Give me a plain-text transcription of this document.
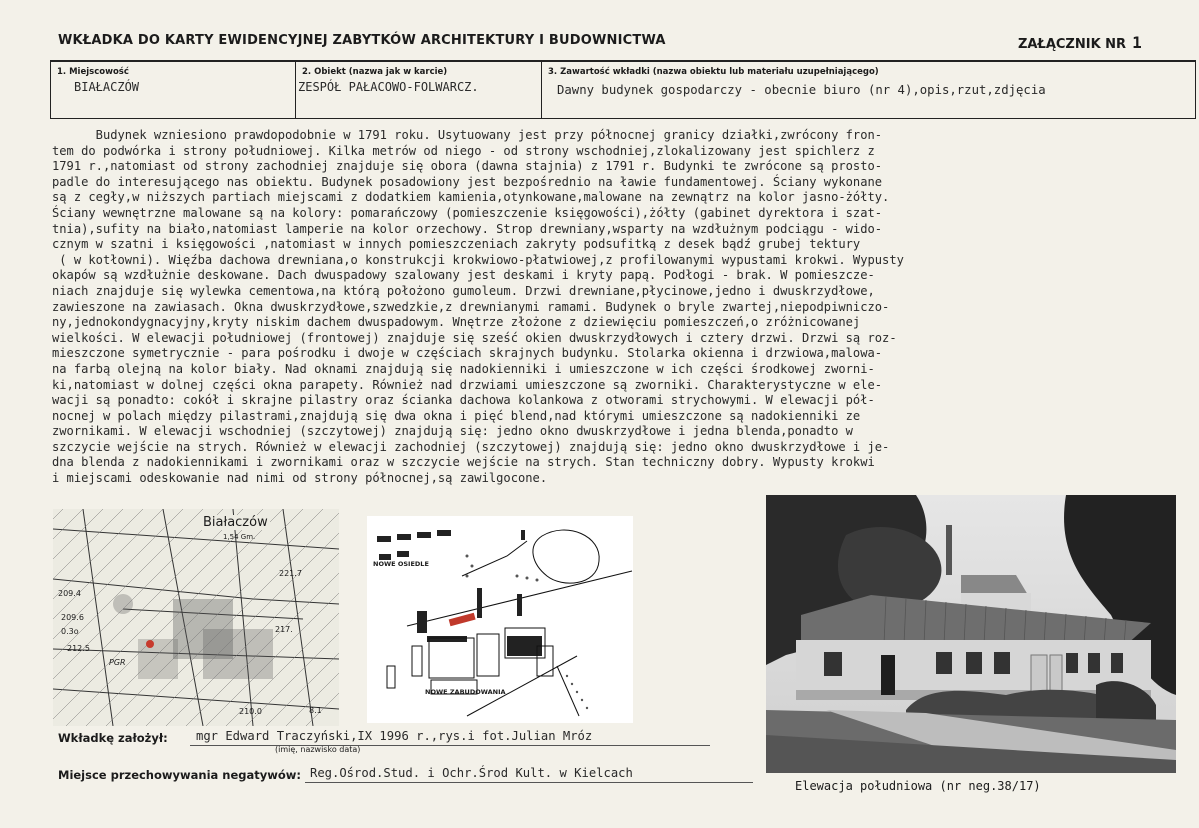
WKŁADKA DO KARTY EWIDENCYJNEJ ZABYTKÓW ARCHITEKTURY I BUDOWNICTWA	ZAŁĄCZNIK NR 1
1. Miejscowość
BIAŁACZÓW
2. Obiekt (nazwa jak w karcie)
ZESPÓŁ PAŁACOWO-FOLWARCZ.
3. Zawartość wkładki (nazwa obiektu lub materiału uzupełniającego)
Dawny budynek gospodarczy - obecnie biuro (nr 4),opis,rzut,zdjęcia
Budynek wzniesiono prawdopodobnie w 1791 roku. Usytuowany jest przy północnej granicy działki,zwrócony fron-
tem do podwórka i strony południowej. Kilka metrów od niego - od strony wschodniej,zlokalizowany jest spichlerz z
1791 r.,natomiast od strony zachodniej znajduje się obora (dawna stajnia) z 1791 r. Budynki te zwrócone są prosto-
padle do interesującego nas obiektu. Budynek posadowiony jest bezpośrednio na ławie fundamentowej. Ściany wykonane
są z cegły,w niższych partiach miejscami z dodatkiem kamienia,otynkowane,malowane na zewnątrz na kolor jasno-żółty.
Ściany wewnętrzne malowane są na kolory: pomarańczowy (pomieszczenie księgowości),żółty (gabinet dyrektora i szat-
tnia),sufity na biało,natomiast lamperie na kolor orzechowy. Strop drewniany,wsparty na wzdłużnym podciągu - wido-
cznym w szatni i księgowości ,natomiast w innych pomieszczeniach zakryty podsufitką z desek bądź grubej tektury
( w kotłowni). Więźba dachowa drewniana,o konstrukcji krokwiowo-płatwiowej,z profilowanymi wypustami krokwi. Wypusty
okapów są wzdłużnie deskowane. Dach dwuspadowy szalowany jest deskami i kryty papą. Podłogi - brak. W pomieszcze-
niach znajduje się wylewka cementowa,na którą położono gumoleum. Drzwi drewniane,płycinowe,jedno i dwuskrzydłowe,
zawieszone na zawiasach. Okna dwuskrzydłowe,szwedzkie,z drewnianymi ramami. Budynek o bryle zwartej,niepodpiwniczo-
ny,jednokondygnacyjny,kryty niskim dachem dwuspadowym. Wnętrze złożone z dziewięciu pomieszczeń,o zróżnicowanej
wielkości. W elewacji południowej (frontowej) znajduje się sześć okien dwuskrzydłowych i cztery drzwi. Drzwi są roz-
mieszczone symetrycznie - para pośrodku i dwoje w częściach skrajnych budynku. Stolarka okienna i drzwiowa,malowa-
na farbą olejną na kolor biały. Nad oknami znajdują się nadokienniki i umieszczone w ich części środkowej zworni-
ki,natomiast w dolnej części okna parapety. Również nad drzwiami umieszczone są zworniki. Charakterystyczne w ele-
wacji są ponadto: cokół i skrajne pilastry oraz ścianka dachowa kolankowa z otworami strychowymi. W elewacji pół-
nocnej w polach między pilastrami,znajdują się dwa okna i pięć blend,nad którymi umieszczone są nadokienniki ze
zwornikami. W elewacji wschodniej (szczytowej) znajdują się: jedno okno dwuskrzydłowe i jedna blenda,ponadto w
szczycie wejście na strych. Również w elewacji zachodniej (szczytowej) znajdują się: jedno okno dwuskrzydłowe i je-
dna blenda z nadokiennikami i zwornikami oraz w szczycie wejście na strych. Stan techniczny dobry. Wypusty krokwi
i miejscami odeskowanie nad nimi od strony północnej,są zawilgocone.
Białaczów
1,54 Gm.
221.7
209.4
209.6
0.3o
212.5
PGR
217.
210.0	8.1
NOWE OSIEDLE
NOWE ZABUDOWANIA
Wkładkę założył: mgr Edward Traczyński,IX 1996 r.,rys.i fot.Julian Mróz
(imię, nazwisko data)
Miejsce przechowywania negatywów: Reg.Ośrod.Stud. i Ochr.Środ Kult. w Kielcach
Elewacja południowa (nr neg.38/17)
